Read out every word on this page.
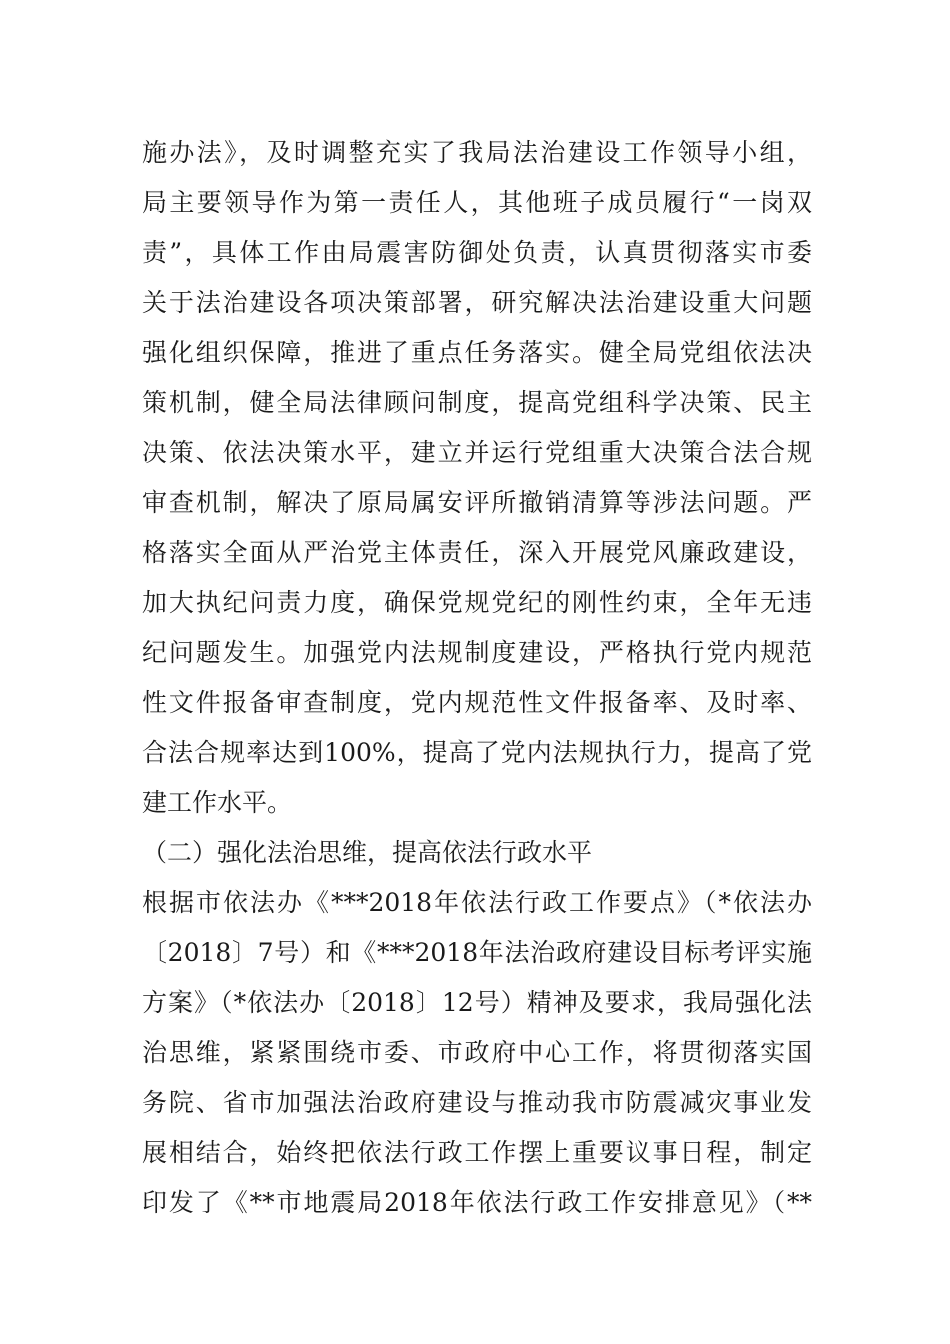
施办法》，及时调整充实了我局法治建设工作领导小组，
局主要领导作为第一责任人，其他班子成员履行“一岗双
责”，具体工作由局震害防御处负责，认真贯彻落实市委
关于法治建设各项决策部署，研究解决法治建设重大问题
强化组织保障，推进了重点任务落实。健全局党组依法决
策机制，健全局法律顾问制度，提高党组科学决策、民主
决策、依法决策水平，建立并运行党组重大决策合法合规
审查机制，解决了原局属安评所撤销清算等涉法问题。严
格落实全面从严治党主体责任，深入开展党风廉政建设，
加大执纪问责力度，确保党规党纪的刚性约束，全年无违
纪问题发生。加强党内法规制度建设，严格执行党内规范
性文件报备审查制度，党内规范性文件报备率、及时率、
合法合规率达到100%，提高了党内法规执行力，提高了党
建工作水平。
（二）强化法治思维，提高依法行政水平
根据市依法办《***2018年依法行政工作要点》（*依法办
〔2018〕7号）和《***2018年法治政府建设目标考评实施
方案》（*依法办〔2018〕12号）精神及要求，我局强化法
治思维，紧紧围绕市委、市政府中心工作，将贯彻落实国
务院、省市加强法治政府建设与推动我市防震减灾事业发
展相结合，始终把依法行政工作摆上重要议事日程，制定
印发了《**市地震局2018年依法行政工作安排意见》（**
